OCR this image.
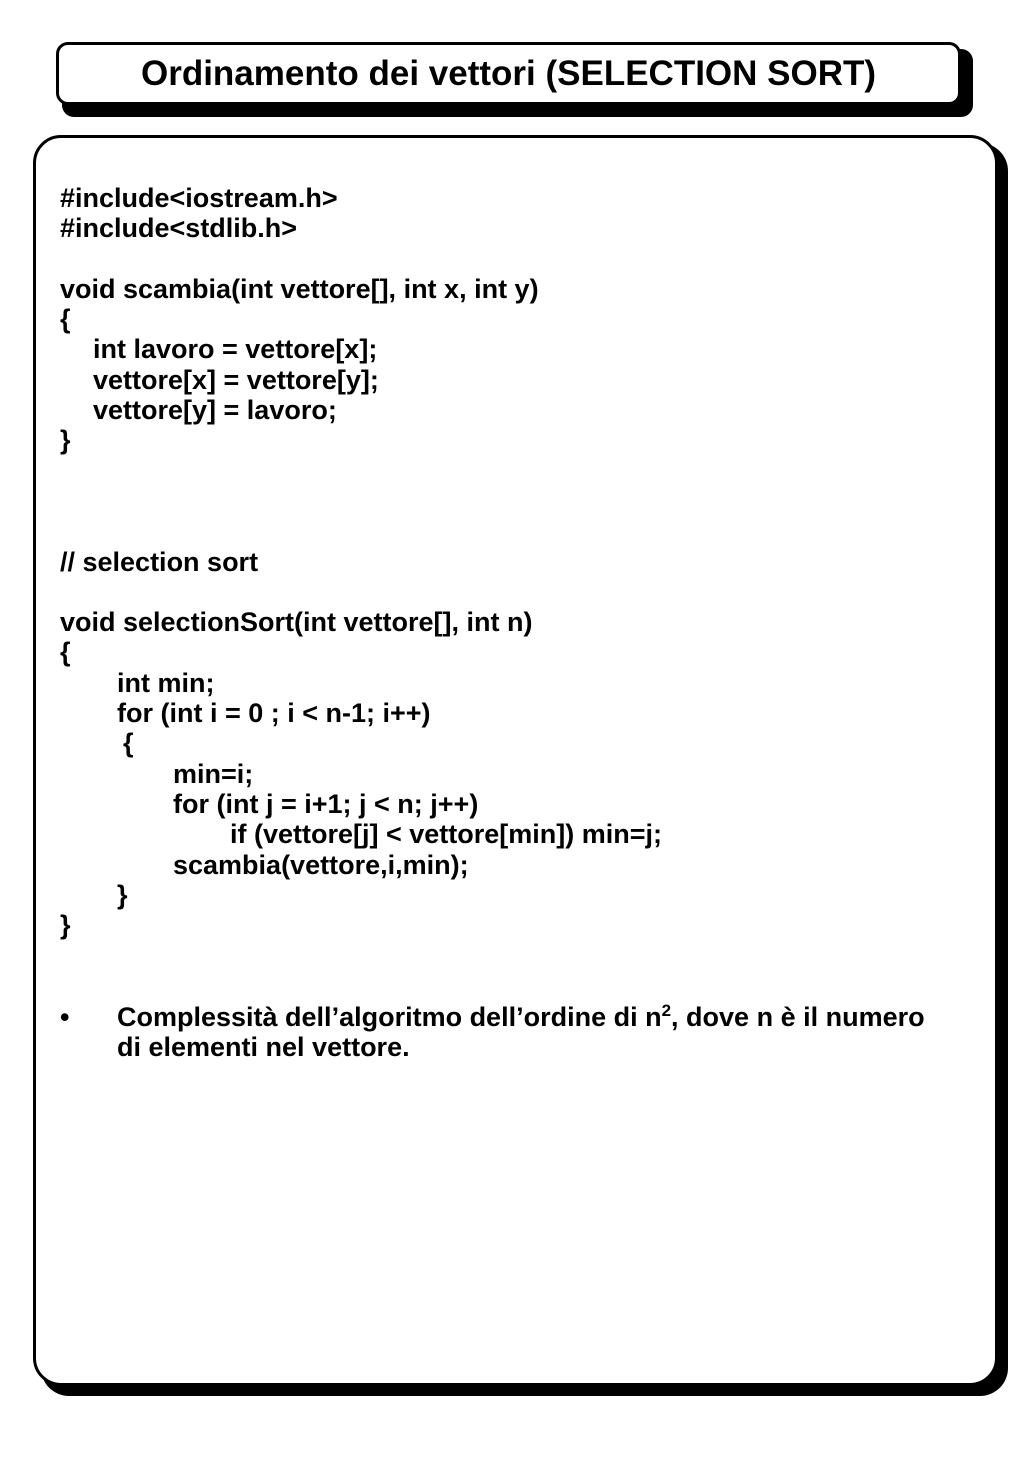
Ordinamento dei vettori (SELECTION SORT)
#include<iostream.h>
#include<stdlib.h>
void scambia(int vettore[], int x, int y)
{
int lavoro = vettore[x];
vettore[x] = vettore[y];
vettore[y] = lavoro;
}
// selection sort
void selectionSort(int vettore[], int n)
{
int min;
for (int i = 0 ; i < n-1; i++)
{
min=i;
for (int j = i+1; j < n; j++)
if (vettore[j] < vettore[min]) min=j;
scambia(vettore,i,min);
}
}
•	Complessità dell’algoritmo dell’ordine di $n^2$, dove n è il numero di elementi nel vettore.
